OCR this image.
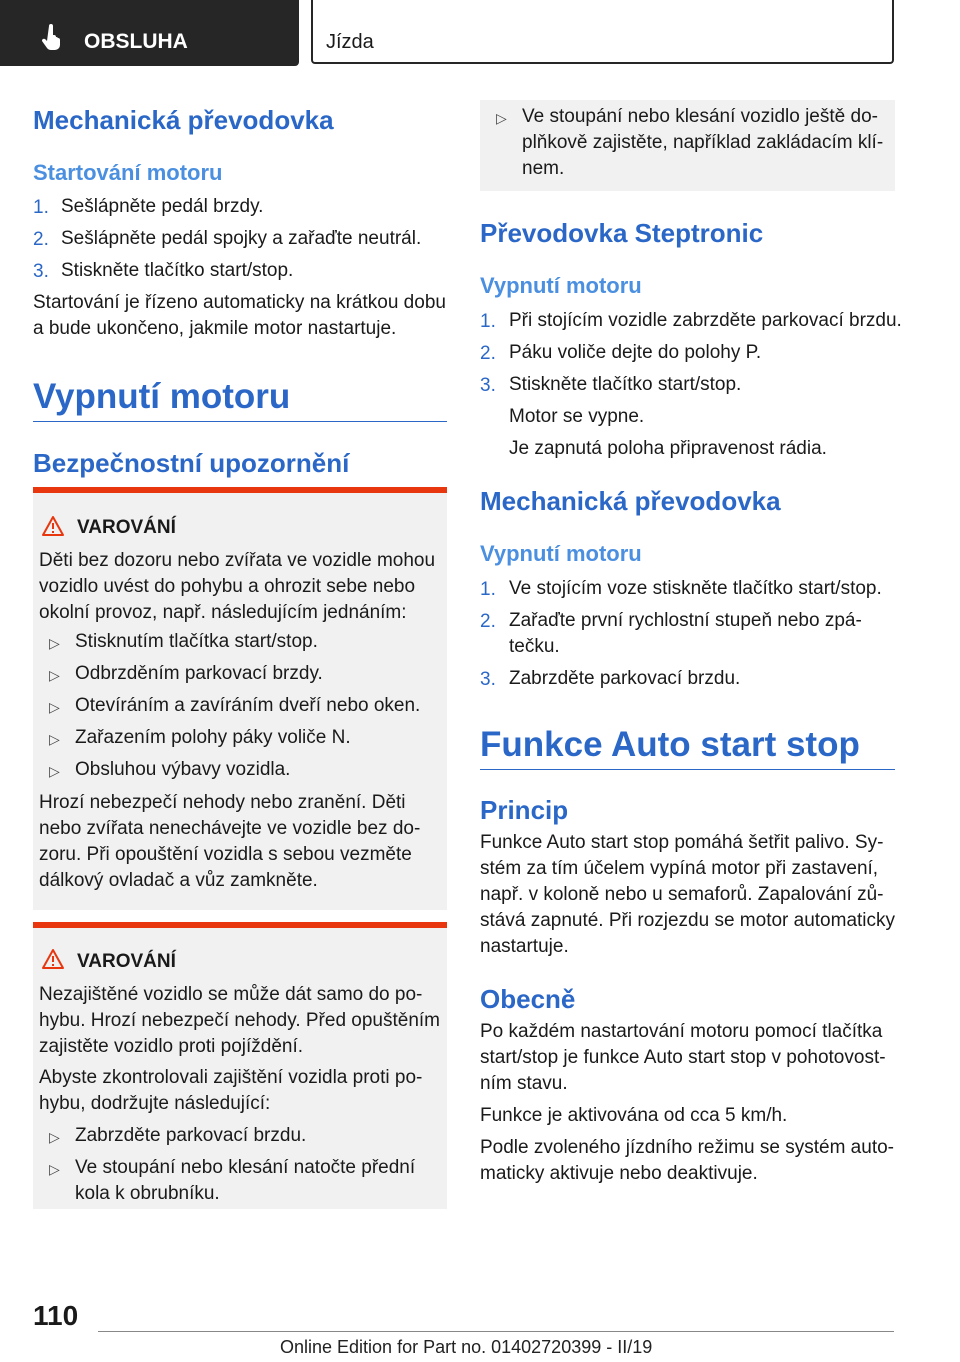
OBSLUHA	Jízda
Mechanická převodovka
Startování motoru
1. Sešlápněte pedál brzdy.
2. Sešlápněte pedál spojky a zařaďte neutrál.
3. Stiskněte tlačítko start/stop.
Startování je řízeno automaticky na krátkou dobu
a bude ukončeno, jakmile motor nastartuje.
Vypnutí motoru
Bezpečnostní upozornění
VAROVÁNÍ
Děti bez dozoru nebo zvířata ve vozidle mohou
vozidlo uvést do pohybu a ohrozit sebe nebo
okolní provoz, např. následujícím jednáním:
▷ Stisknutím tlačítka start/stop.
▷ Odbrzděním parkovací brzdy.
▷ Otevíráním a zavíráním dveří nebo oken.
▷ Zařazením polohy páky voliče N.
▷ Obsluhou výbavy vozidla.
Hrozí nebezpečí nehody nebo zranění. Děti
nebo zvířata nenechávejte ve vozidle bez do‐
zoru. Při opouštění vozidla s sebou vezměte
dálkový ovladač a vůz zamkněte.
VAROVÁNÍ
Nezajištěné vozidlo se může dát samo do po‐
hybu. Hrozí nebezpečí nehody. Před opuštěním
zajistěte vozidlo proti pojíždění.
Abyste zkontrolovali zajištění vozidla proti po‐
hybu, dodržujte následující:
▷ Zabrzděte parkovací brzdu.
▷ Ve stoupání nebo klesání natočte přední
kola k obrubníku.
▷ Ve stoupání nebo klesání vozidlo ještě do‐
plňkově zajistěte, například zakládacím klí‐
nem.
Převodovka Steptronic
Vypnutí motoru
1. Při stojícím vozidle zabrzděte parkovací brzdu.
2. Páku voliče dejte do polohy P.
3. Stiskněte tlačítko start/stop.
Motor se vypne.
Je zapnutá poloha připravenost rádia.
Mechanická převodovka
Vypnutí motoru
1. Ve stojícím voze stiskněte tlačítko start/stop.
2. Zařaďte první rychlostní stupeň nebo zpá‐
tečku.
3. Zabrzděte parkovací brzdu.
Funkce Auto start stop
Princip
Funkce Auto start stop pomáhá šetřit palivo. Sy‐
stém za tím účelem vypíná motor při zastavení,
např. v koloně nebo u semaforů. Zapalování zů‐
stává zapnuté. Při rozjezdu se motor automaticky
nastartuje.
Obecně
Po každém nastartování motoru pomocí tlačítka
start/stop je funkce Auto start stop v pohotovost‐
ním stavu.
Funkce je aktivována od cca 5 km/h.
Podle zvoleného jízdního režimu se systém auto‐
maticky aktivuje nebo deaktivuje.
110
Online Edition for Part no. 01402720399 - II/19
